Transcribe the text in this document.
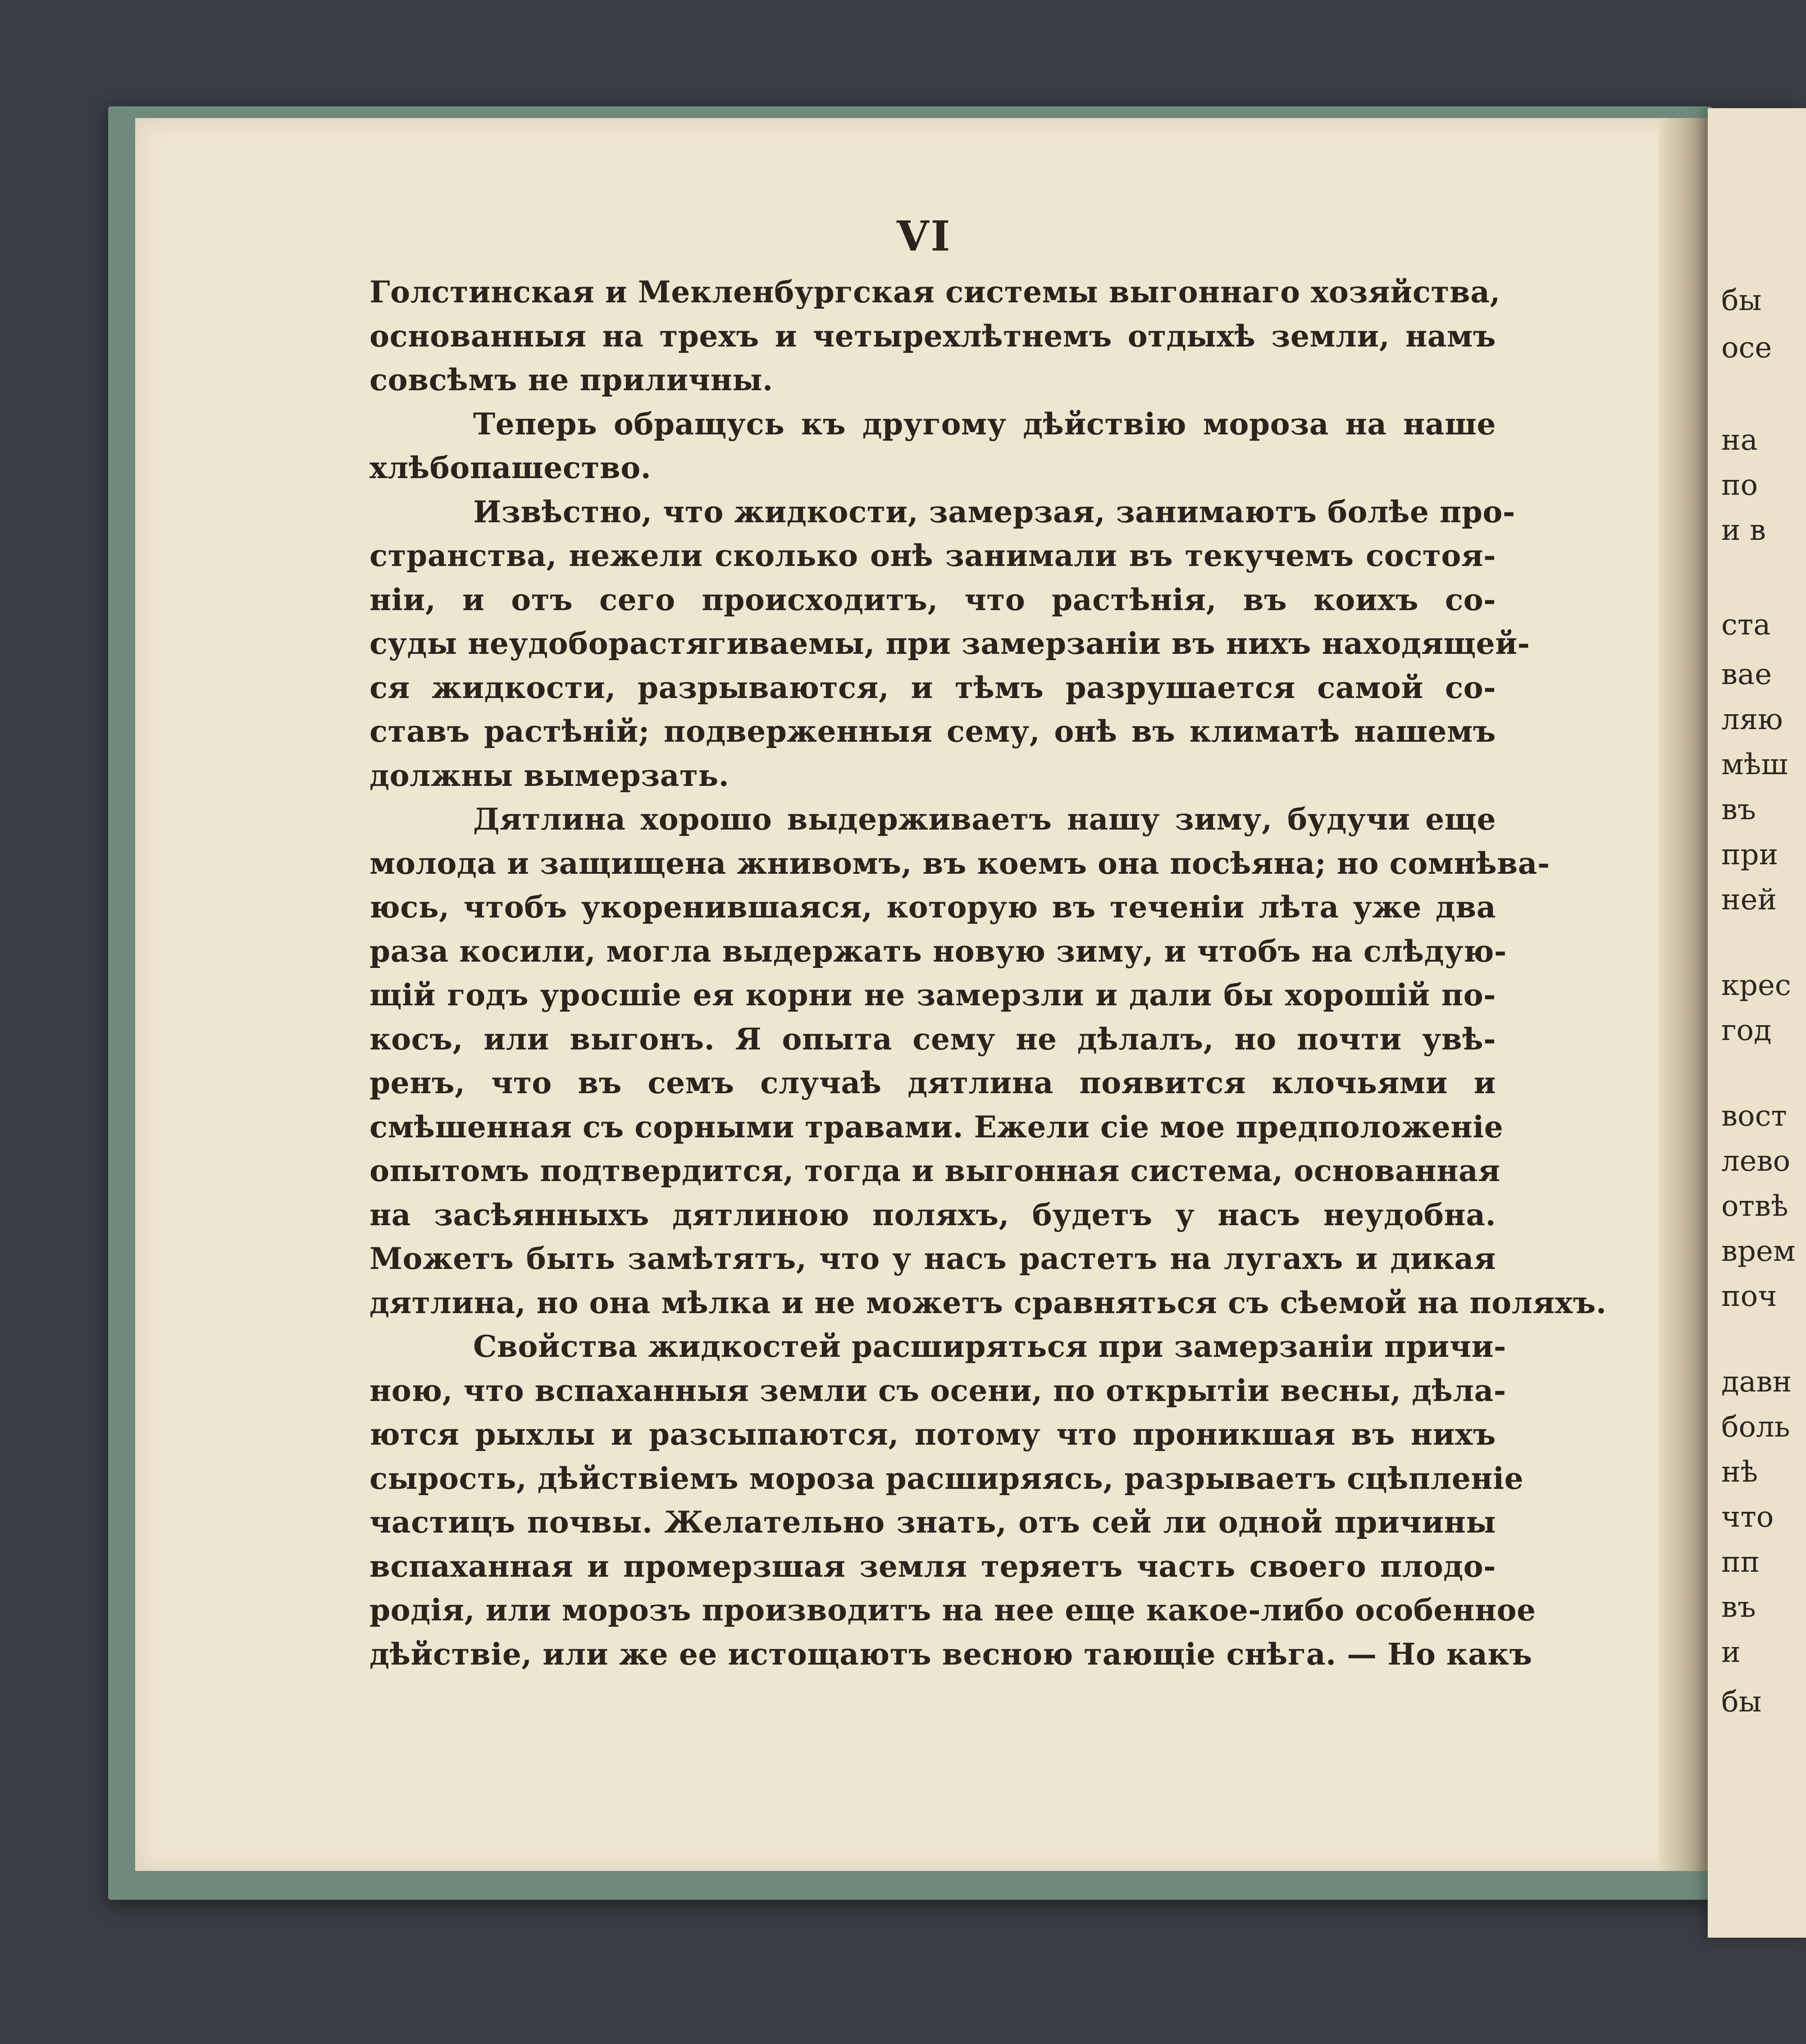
бы
осе
на
по
и в
ста
вае
ляю
мѣш
въ
при
ней
крес
год
вост
лево
отвѣ
врем
поч
давн
боль
нѣ
что
пп
въ
и
бы
VI
Голстинская и Мекленбургская системы выгоннаго хозяйства,
основанныя на трехъ и четырехлѣтнемъ отдыхѣ земли, намъ
совсѣмъ не приличны.
Теперь обращусь къ другому дѣйствію мороза на наше
хлѣбопашество.
Извѣстно, что жидкости, замерзая, занимаютъ болѣе про-
странства, нежели сколько онѣ занимали въ текучемъ состоя-
ніи, и отъ сего происходитъ, что растѣнія, въ коихъ со-
суды неудоборастягиваемы, при замерзаніи въ нихъ находящей-
ся жидкости, разрываются, и тѣмъ разрушается самой со-
ставъ растѣній; подверженныя сему, онѣ въ климатѣ нашемъ
должны вымерзать.
Дятлина хорошо выдерживаетъ нашу зиму, будучи еще
молода и защищена жнивомъ, въ коемъ она посѣяна; но сомнѣва-
юсь, чтобъ укоренившаяся, которую въ теченіи лѣта уже два
раза косили, могла выдержать новую зиму, и чтобъ на слѣдую-
щій годъ уросшіе ея корни не замерзли и дали бы хорошій по-
косъ, или выгонъ. Я опыта сему не дѣлалъ, но почти увѣ-
ренъ, что въ семъ случаѣ дятлина появится клочьями и
смѣшенная съ сорными травами. Ежели сіе мое предположеніе
опытомъ подтвердится, тогда и выгонная система, основанная
на засѣянныхъ дятлиною поляхъ, будетъ у насъ неудобна.
Можетъ быть замѣтятъ, что у насъ растетъ на лугахъ и дикая
дятлина, но она мѣлка и не можетъ сравняться съ сѣемой на поляхъ.
Свойства жидкостей расширяться при замерзаніи причи-
ною, что вспаханныя земли съ осени, по открытіи весны, дѣла-
ются рыхлы и разсыпаются, потому что проникшая въ нихъ
сырость, дѣйствіемъ мороза расширяясь, разрываетъ сцѣпленіе
частицъ почвы. Желательно знать, отъ сей ли одной причины
вспаханная и промерзшая земля теряетъ часть своего плодо-
родія, или морозъ производитъ на нее еще какое-либо особенное
дѣйствіе, или же ее истощаютъ весною тающіе снѣга. — Но какъ
